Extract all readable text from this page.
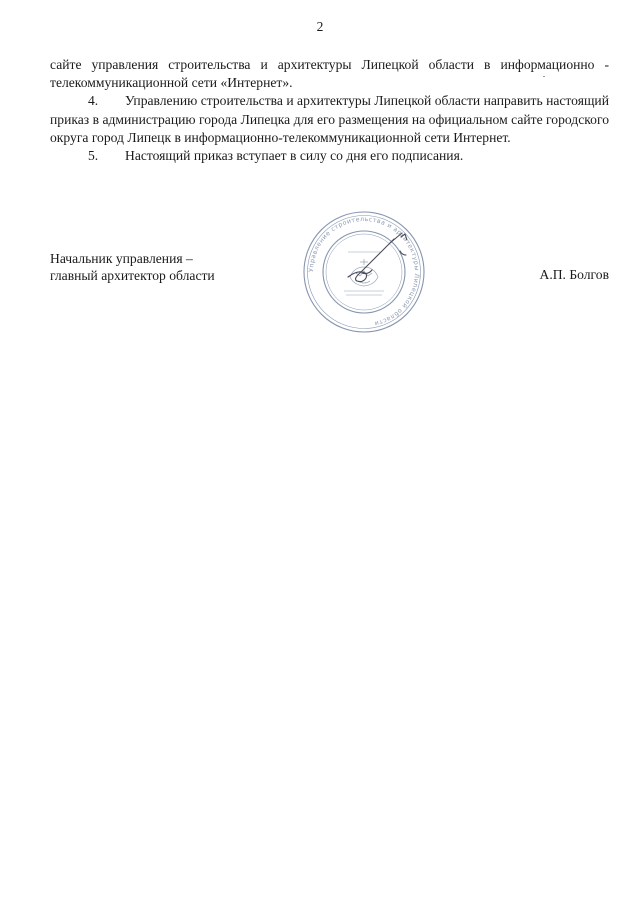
2

сайте управления строительства и архитектуры Липецкой области в информационно - телекоммуникационной сети «Интернет».

4. Управлению строительства и архитектуры Липецкой области направить настоящий приказ в администрацию города Липецка для его размещения на официальном сайте городского округа город Липецк в информационно-телекоммуникационной сети Интернет.

5. Настоящий приказ вступает в силу со дня его подписания.

Начальник управления –
главный архитектор области	А.П. Болгов
Управление строительства и архитектуры Липецкой области
